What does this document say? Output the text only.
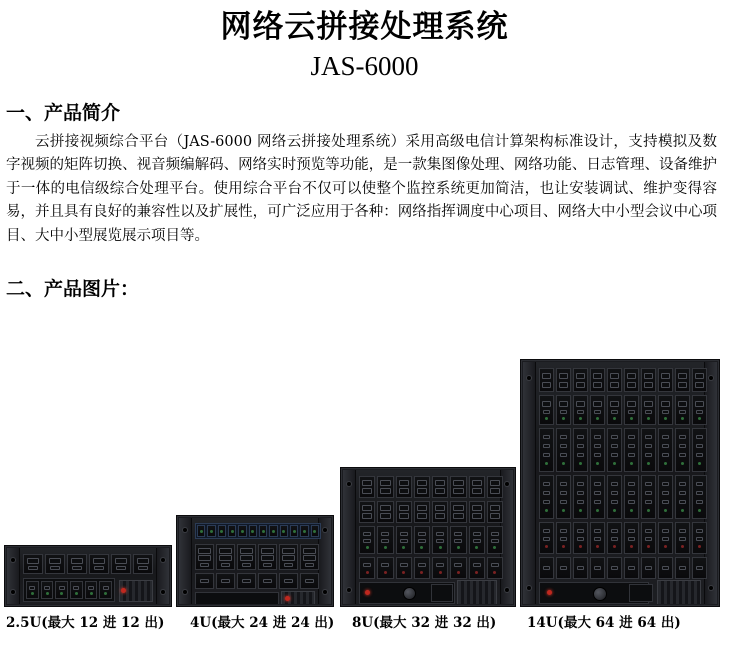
网络云拼接处理系统
JAS-6000
一、产品简介
云拼接视频综合平台（JAS-6000 网络云拼接处理系统）采用高级电信计算架构标准设计，支持模拟及数字视频的矩阵切换、视音频编解码、网络实时预览等功能，是一款集图像处理、网络功能、日志管理、设备维护于一体的电信级综合处理平台。使用综合平台不仅可以使整个监控系统更加简洁，也让安装调试、维护变得容易，并且具有良好的兼容性以及扩展性，可广泛应用于各种：网络指挥调度中心项目、网络大中小型会议中心项目、大中小型展览展示项目等。
二、产品图片：
2.5U(最大 12 进 12 出) 4U(最大 24 进 24 出) 8U(最大 32 进 32 出) 14U(最大 64 进 64 出)
